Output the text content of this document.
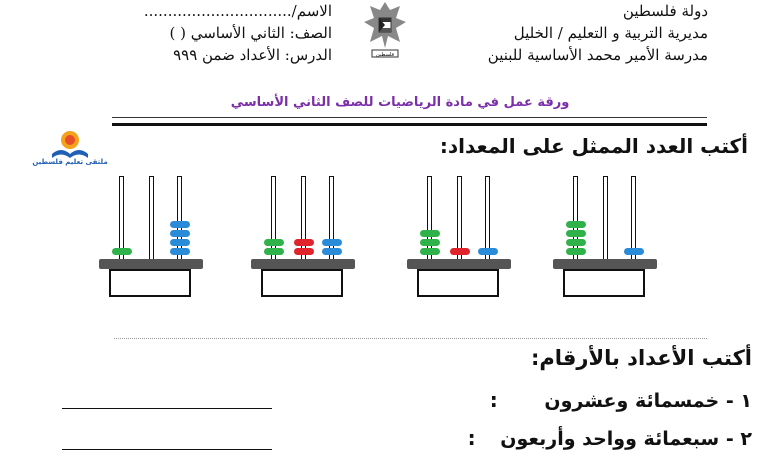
دولة فلسطين
مديرية التربية و التعليم / الخليل
مدرسة الأمير محمد الأساسية للبنين
فلسطين
الاسم/...............................
الصف: الثاني الأساسي ( )
الدرس: الأعداد ضمن ٩٩٩
ورقة عمل في مادة الرياضيات للصف الثاني الأساسي
ملتقى تعليم فلسطين
أكتب العدد الممثل على المعداد:
أكتب الأعداد بالأرقام:
١ - خمسمائة وعشرون :
٢ - سبعمائة وواحد وأربعون :
